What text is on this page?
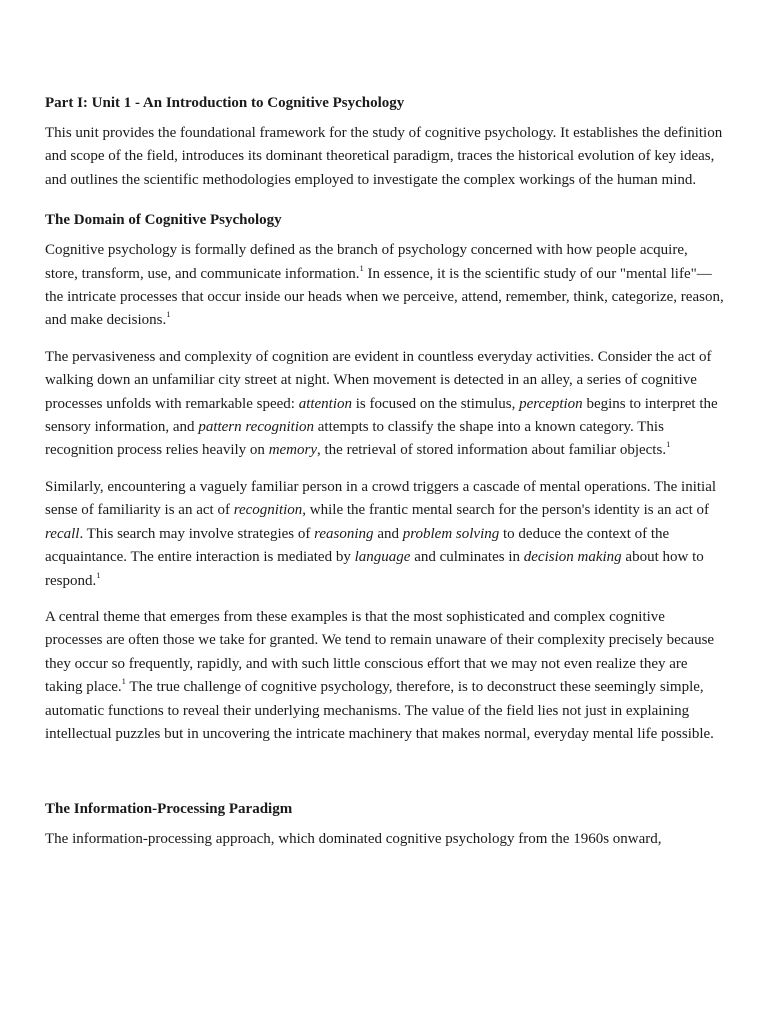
Part I: Unit 1 - An Introduction to Cognitive Psychology

This unit provides the foundational framework for the study of cognitive psychology. It establishes the definition and scope of the field, introduces its dominant theoretical paradigm, traces the historical evolution of key ideas, and outlines the scientific methodologies employed to investigate the complex workings of the human mind.

The Domain of Cognitive Psychology

Cognitive psychology is formally defined as the branch of psychology concerned with how people acquire, store, transform, use, and communicate information.$^1$ In essence, it is the scientific study of our "mental life"—the intricate processes that occur inside our heads when we perceive, attend, remember, think, categorize, reason, and make decisions.$^1$

The pervasiveness and complexity of cognition are evident in countless everyday activities. Consider the act of walking down an unfamiliar city street at night. When movement is detected in an alley, a series of cognitive processes unfolds with remarkable speed: attention is focused on the stimulus, perception begins to interpret the sensory information, and pattern recognition attempts to classify the shape into a known category. This recognition process relies heavily on memory, the retrieval of stored information about familiar objects.$^1$

Similarly, encountering a vaguely familiar person in a crowd triggers a cascade of mental operations. The initial sense of familiarity is an act of recognition, while the frantic mental search for the person's identity is an act of recall. This search may involve strategies of reasoning and problem solving to deduce the context of the acquaintance. The entire interaction is mediated by language and culminates in decision making about how to respond.$^1$

A central theme that emerges from these examples is that the most sophisticated and complex cognitive processes are often those we take for granted. We tend to remain unaware of their complexity precisely because they occur so frequently, rapidly, and with such little conscious effort that we may not even realize they are taking place.$^1$ The true challenge of cognitive psychology, therefore, is to deconstruct these seemingly simple, automatic functions to reveal their underlying mechanisms. The value of the field lies not just in explaining intellectual puzzles but in uncovering the intricate machinery that makes normal, everyday mental life possible.

The Information-Processing Paradigm

The information-processing approach, which dominated cognitive psychology from the 1960s onward,
